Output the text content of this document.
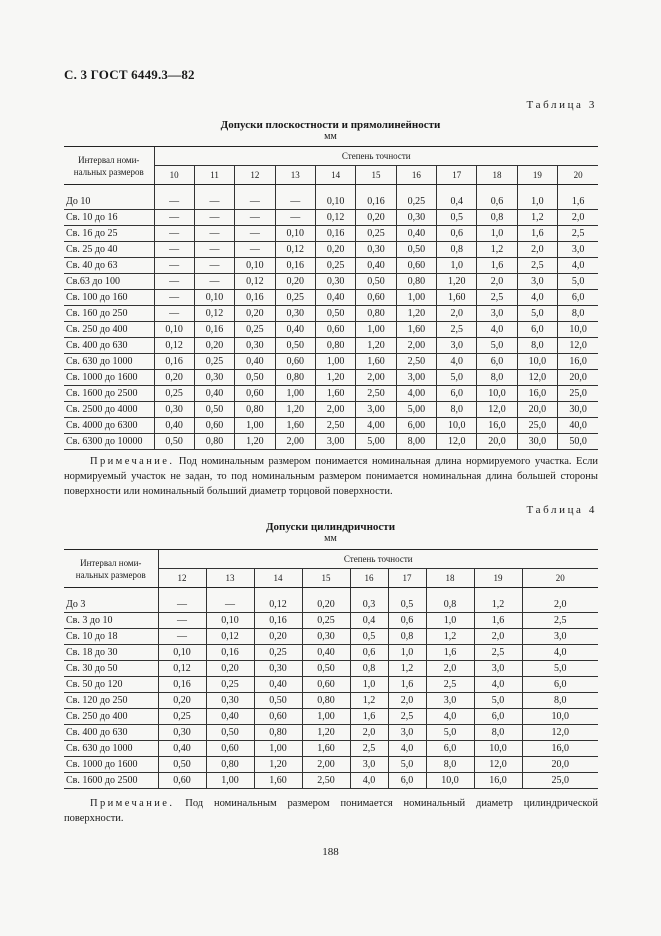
С. 3 ГОСТ 6449.3—82
Таблица 3
Допуски плоскостности и прямолинейности
мм
Интервал номи-
нальных размеров	Степень точности										
	10	11	12	13	14	15	16	17	18	19	20

До 10	—	—	—	—	0,10	0,16	0,25	0,4	0,6	1,0	1,6
Св. 10 до 16	—	—	—	—	0,12	0,20	0,30	0,5	0,8	1,2	2,0
Св. 16 до 25	—	—	—	0,10	0,16	0,25	0,40	0,6	1,0	1,6	2,5
Св. 25 до 40	—	—	—	0,12	0,20	0,30	0,50	0,8	1,2	2,0	3,0
Св. 40 до 63	—	—	0,10	0,16	0,25	0,40	0,60	1,0	1,6	2,5	4,0
Св.63 до 100	—	—	0,12	0,20	0,30	0,50	0,80	1,20	2,0	3,0	5,0
Св. 100 до 160	—	0,10	0,16	0,25	0,40	0,60	1,00	1,60	2,5	4,0	6,0
Св. 160 до 250	—	0,12	0,20	0,30	0,50	0,80	1,20	2,0	3,0	5,0	8,0
Св. 250 до 400	0,10	0,16	0,25	0,40	0,60	1,00	1,60	2,5	4,0	6,0	10,0
Св. 400 до 630	0,12	0,20	0,30	0,50	0,80	1,20	2,00	3,0	5,0	8,0	12,0
Св. 630 до 1000	0,16	0,25	0,40	0,60	1,00	1,60	2,50	4,0	6,0	10,0	16,0
Св. 1000 до 1600	0,20	0,30	0,50	0,80	1,20	2,00	3,00	5,0	8,0	12,0	20,0
Св. 1600 до 2500	0,25	0,40	0,60	1,00	1,60	2,50	4,00	6,0	10,0	16,0	25,0
Св. 2500 до 4000	0,30	0,50	0,80	1,20	2,00	3,00	5,00	8,0	12,0	20,0	30,0
Св. 4000 до 6300	0,40	0,60	1,00	1,60	2,50	4,00	6,00	10,0	16,0	25,0	40,0
Св. 6300 до 10000	0,50	0,80	1,20	2,00	3,00	5,00	8,00	12,0	20,0	30,0	50,0
Примечание. Под номинальным размером понимается номинальная длина нормируемого участка. Если нормируемый участок не задан, то под номинальным размером понимается номинальная длина большей стороны поверхности или номинальный больший диаметр торцовой поверхности.
Таблица 4
Допуски цилиндричности
мм
Интервал номи-
нальных размеров	Степень точности								
	12	13	14	15	16	17	18	19	20

До 3	—	—	0,12	0,20	0,3	0,5	0,8	1,2	2,0
Св. 3 до 10	—	0,10	0,16	0,25	0,4	0,6	1,0	1,6	2,5
Св. 10 до 18	—	0,12	0,20	0,30	0,5	0,8	1,2	2,0	3,0
Св. 18 до 30	0,10	0,16	0,25	0,40	0,6	1,0	1,6	2,5	4,0
Св. 30 до 50	0,12	0,20	0,30	0,50	0,8	1,2	2,0	3,0	5,0
Св. 50 до 120	0,16	0,25	0,40	0,60	1,0	1,6	2,5	4,0	6,0
Св. 120 до 250	0,20	0,30	0,50	0,80	1,2	2,0	3,0	5,0	8,0
Св. 250 до 400	0,25	0,40	0,60	1,00	1,6	2,5	4,0	6,0	10,0
Св. 400 до 630	0,30	0,50	0,80	1,20	2,0	3,0	5,0	8,0	12,0
Св. 630 до 1000	0,40	0,60	1,00	1,60	2,5	4,0	6,0	10,0	16,0
Св. 1000 до 1600	0,50	0,80	1,20	2,00	3,0	5,0	8,0	12,0	20,0
Св. 1600 до 2500	0,60	1,00	1,60	2,50	4,0	6,0	10,0	16,0	25,0
Примечание. Под номинальным размером понимается номинальный диаметр цилиндрической поверхности.
188
